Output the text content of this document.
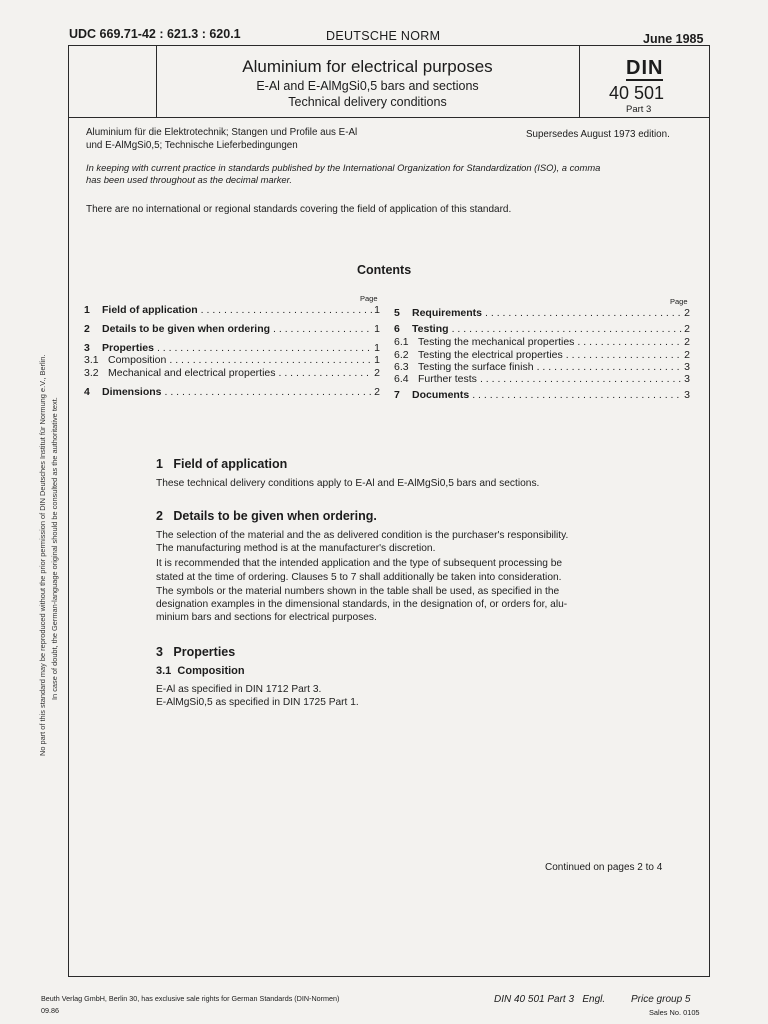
UDC 669.71-42 : 621.3 : 620.1	DEUTSCHE NORM	June 1985
Aluminium for electrical purposes
E-Al and E-AlMgSi0,5 bars and sections
Technical delivery conditions
DIN
40 501
Part 3
Aluminium für die Elektrotechnik; Stangen und Profile aus E-Al
und E-AlMgSi0,5; Technische Lieferbedingungen
Supersedes August 1973 edition.
In keeping with current practice in standards published by the International Organization for Standardization (ISO), a comma
has been used throughout as the decimal marker.
There are no international or regional standards covering the field of application of this standard.
Contents
Page	Page
1	Field of application . . .	1
2	Details to be given when ordering . . .	1
3	Properties . . .	1
3.1 Composition . . .	1
3.2 Mechanical and electrical properties . . .	2
4	Dimensions . . .	2
5	Requirements . . .	2
6	Testing . . .	2
6.1 Testing the mechanical properties . . .	2
6.2 Testing the electrical properties . . .	2
6.3 Testing the surface finish . . .	3
6.4 Further tests . . .	3
7	Documents . . .	3
1   Field of application
These technical delivery conditions apply to E-Al and E-AlMgSi0,5 bars and sections.
2   Details to be given when ordering.
The selection of the material and the as delivered condition is the purchaser's responsibility.
The manufacturing method is at the manufacturer's discretion.
It is recommended that the intended application and the type of subsequent processing be
stated at the time of ordering. Clauses 5 to 7 shall additionally be taken into consideration.
The symbols or the material numbers shown in the table shall be used, as specified in the
designation examples in the dimensional standards, in the designation of, or orders for, alu-
minium bars and sections for electrical purposes.
3   Properties
3.1  Composition
E-Al as specified in DIN 1712 Part 3.
E-AlMgSi0,5 as specified in DIN 1725 Part 1.
Continued on pages 2 to 4
No part of this standard may be reproduced without the prior permission of DIN Deutsches Institut für Normung e.V., Berlin. In case of doubt, the German-language original should be consulted as the authoritative text.
Beuth Verlag GmbH, Berlin 30, has exclusive sale rights for German Standards (DIN-Normen)
09.86
DIN 40 501 Part 3   Engl.	Price group 5
Sales No. 0105
